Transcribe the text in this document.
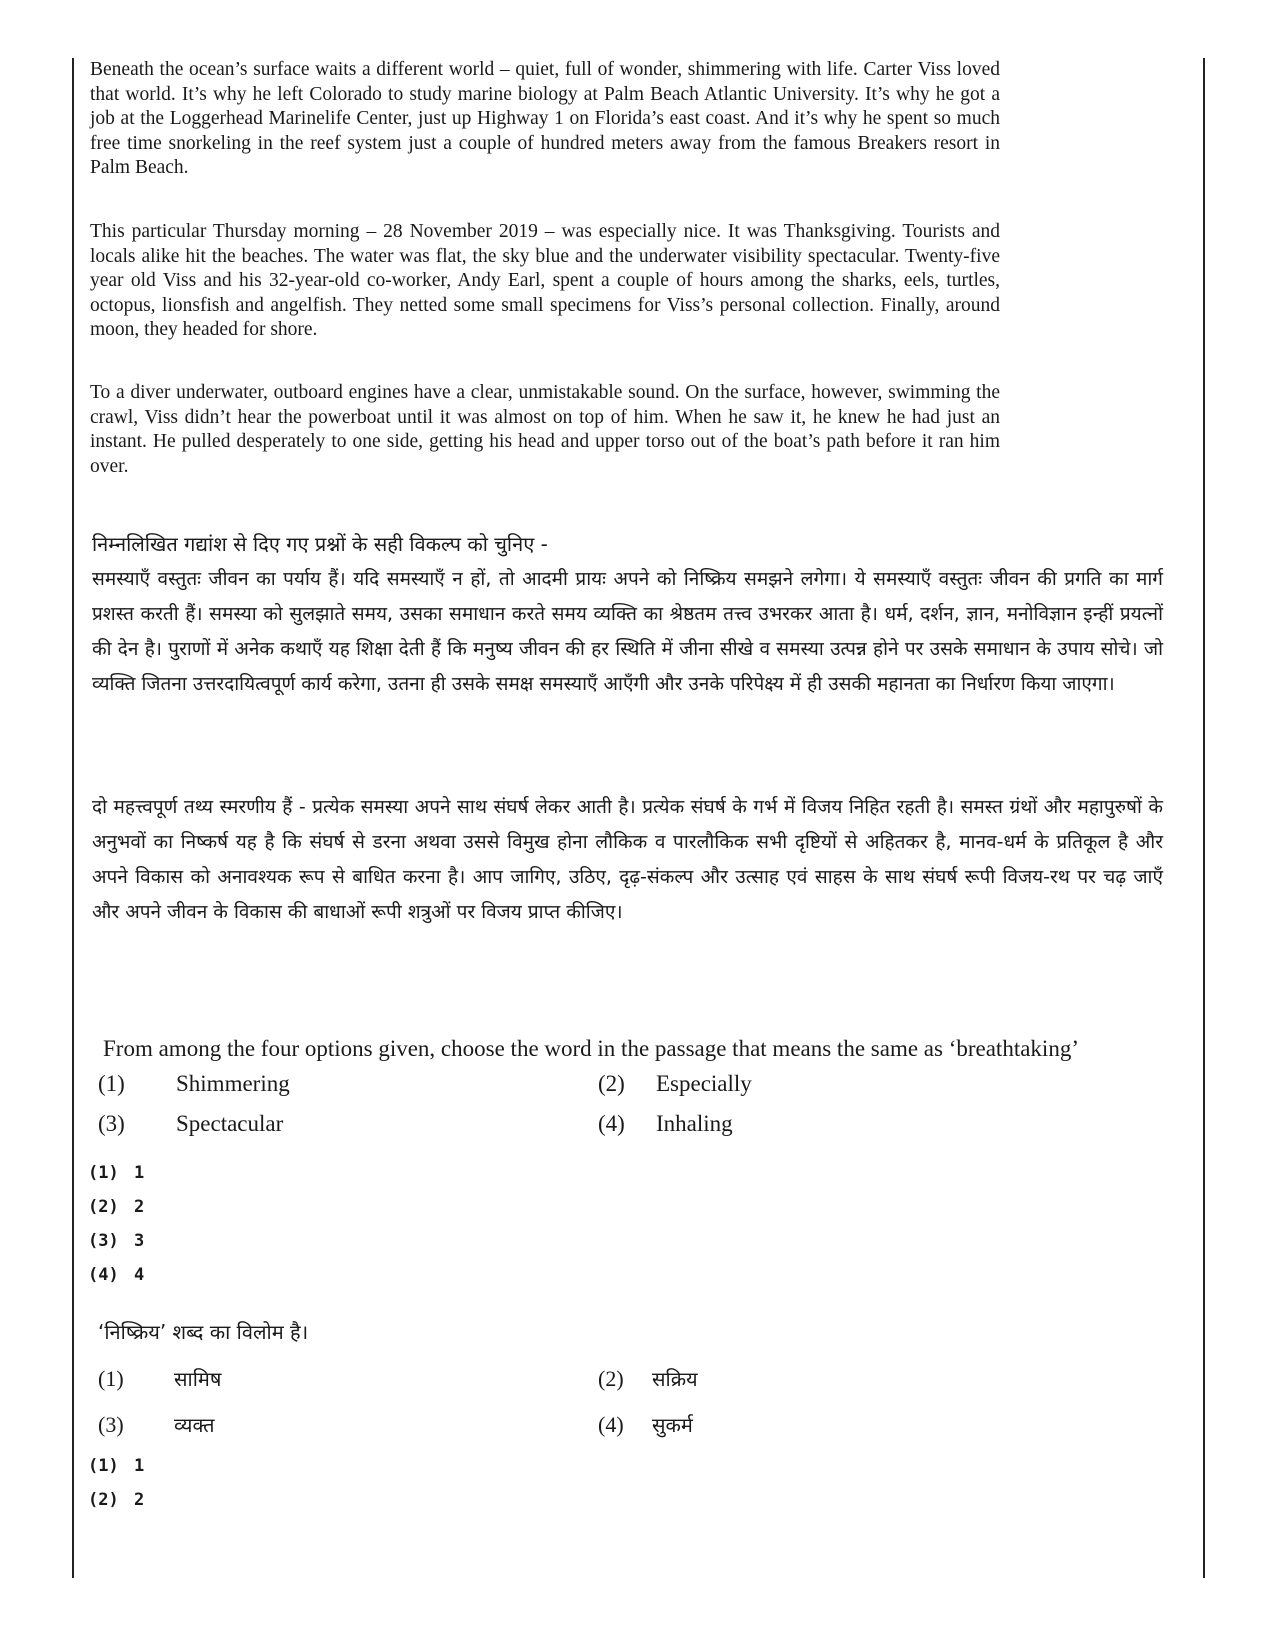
Beneath the ocean’s surface waits a different world – quiet, full of wonder, shimmering with life. Carter Viss loved that world. It’s why he left Colorado to study marine biology at Palm Beach Atlantic University. It’s why he got a job at the Loggerhead Marinelife Center, just up Highway 1 on Florida’s east coast. And it’s why he spent so much free time snorkeling in the reef system just a couple of hundred meters away from the famous Breakers resort in Palm Beach.

This particular Thursday morning – 28 November 2019 – was especially nice. It was Thanksgiving. Tourists and locals alike hit the beaches. The water was flat, the sky blue and the underwater visibility spectacular. Twenty-five year old Viss and his 32-year-old co-worker, Andy Earl, spent a couple of hours among the sharks, eels, turtles, octopus, lionsfish and angelfish. They netted some small specimens for Viss’s personal collection. Finally, around moon, they headed for shore.

To a diver underwater, outboard engines have a clear, unmistakable sound. On the surface, however, swimming the crawl, Viss didn’t hear the powerboat until it was almost on top of him. When he saw it, he knew he had just an instant. He pulled desperately to one side, getting his head and upper torso out of the boat’s path before it ran him over.

निम्नलिखित गद्यांश से दिए गए प्रश्नों के सही विकल्प को चुनिए -

समस्याएँ वस्तुतः जीवन का पर्याय हैं। यदि समस्याएँ न हों, तो आदमी प्रायः अपने को निष्क्रिय समझने लगेगा। ये समस्याएँ वस्तुतः जीवन की प्रगति का मार्ग प्रशस्त करती हैं। समस्या को सुलझाते समय, उसका समाधान करते समय व्यक्ति का श्रेष्ठतम तत्त्व उभरकर आता है। धर्म, दर्शन, ज्ञान, मनोविज्ञान इन्हीं प्रयत्नों की देन है। पुराणों में अनेक कथाएँ यह शिक्षा देती हैं कि मनुष्य जीवन की हर स्थिति में जीना सीखे व समस्या उत्पन्न होने पर उसके समाधान के उपाय सोचे। जो व्यक्ति जितना उत्तरदायित्वपूर्ण कार्य करेगा, उतना ही उसके समक्ष समस्याएँ आएँगी और उनके परिपेक्ष्य में ही उसकी महानता का निर्धारण किया जाएगा।

दो महत्त्वपूर्ण तथ्य स्मरणीय हैं - प्रत्येक समस्या अपने साथ संघर्ष लेकर आती है। प्रत्येक संघर्ष के गर्भ में विजय निहित रहती है। समस्त ग्रंथों और महापुरुषों के अनुभवों का निष्कर्ष यह है कि संघर्ष से डरना अथवा उससे विमुख होना लौकिक व पारलौकिक सभी दृष्टियों से अहितकर है, मानव-धर्म के प्रतिकूल है और अपने विकास को अनावश्यक रूप से बाधित करना है। आप जागिए, उठिए, दृढ़-संकल्प और उत्साह एवं साहस के साथ संघर्ष रूपी विजय-रथ पर चढ़ जाएँ और अपने जीवन के विकास की बाधाओं रूपी शत्रुओं पर विजय प्राप्त कीजिए।

From among the four options given, choose the word in the passage that means the same as ‘breathtaking’

(1) Shimmering	(2) Especially
(3) Spectacular	(4) Inhaling
(1) 1
(2) 2
(3) 3
(4) 4

‘निष्क्रिय’ शब्द का विलोम है।

(1)	सामिष	(2) सक्रिय
(3)	व्यक्त	(4) सुकर्म
(1) 1
(2) 2
